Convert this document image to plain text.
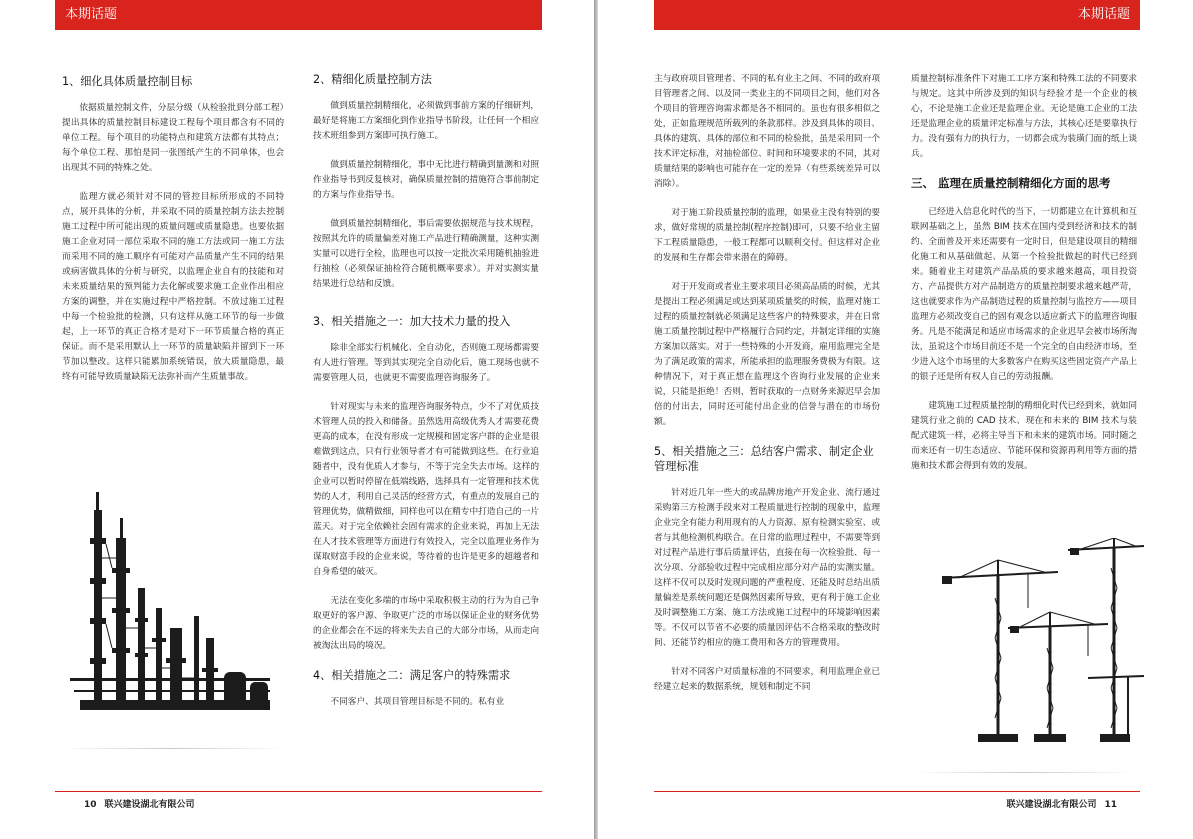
本期话题
1、细化具体质量控制目标

依据质量控制文件，分层分级（从检验批到分部工程）提出具体的质量控制目标建设工程每个项目都含有不同的单位工程。每个项目的功能特点和建筑方法都有其特点；每个单位工程、那怕是同一张图纸产生的不同单体，也会出现其不同的特殊之处。

监理方就必须针对不同的管控目标所形成的不同特点，展开具体的分析，并采取不同的质量控制方法去控制施工过程中所可能出现的质量问题或质量隐患。也要依据施工企业对同一部位采取不同的施工方法或同一施工方法而采用不同的施工顺序有可能对产品质量产生不同的结果或病害做具体的分析与研究，以监理企业自有的技能和对未来质量结果的预判能力去化解或要求施工企业作出相应方案的调整，并在实施过程中严格控制。不放过施工过程中每一个检验批的检测，只有这样从施工环节的每一步做起，上一环节的真正合格才是对下一环节质量合格的真正保证。而不是采用默认上一环节的质量缺陷并留到下一环节加以整改。这样只能累加系统错误，放大质量隐患，最终有可能导致质量缺陷无法弥补而产生质量事故。

2、精细化质量控制方法

做到质量控制精细化，必须做到事前方案的仔细研判，最好是将施工方案细化到作业指导书阶段，让任何一个相应技术班组参到方案即可执行施工。

做到质量控制精细化，事中无比进行精确到量测和对照作业指导书到反复核对，确保质量控制的措施符合事前制定的方案与作业指导书。

做到质量控制精细化，事后需要依据规范与技术规程，按照其允许的质量偏差对施工产品进行精确测量，这种实测实量可以进行全检，监理也可以按一定批次采用随机抽验进行抽检（必须保证抽检符合随机概率要求）。并对实测实量结果进行总结和反馈。

3、相关措施之一：加大技术力量的投入

除非全部实行机械化、全自动化，否则施工现场都需要有人进行管理。等到其实现完全自动化后，施工现场也就不需要管理人员，也就更不需要监理咨询服务了。

针对现实与未来的监理咨询服务特点，少不了对优质技术管理人员的投入和储备。虽然选用高级优秀人才需要花费更高的成本，在没有形成一定规模和固定客户群的企业是很难做到这点，只有行业领导者才有可能做到这些。在行业追随者中，没有优质人才参与，不等于完全失去市场。这样的企业可以暂时停留在低端线路，选择具有一定管理和技术优势的人才，利用自己灵活的经营方式，有重点的发展自己的管理优势，做精做细，同样也可以在精专中打造自己的一片蓝天。对于完全依赖社会固有需求的企业来说，再加上无法在人才技术管理等方面进行有效投入，完全以监理业务作为谋取财富手段的企业来说，等待着的也许是更多的超越者和自身希望的破灭。

无法在变化多端的市场中采取积极主动的行为为自己争取更好的客户源、争取更广泛的市场以保证企业的财务优势的企业都会在不远的将来失去自己的大部分市场，从而走向被淘汰出局的境况。

4、相关措施之二：满足客户的特殊需求

不同客户、其项目管理目标是不同的。私有业

10 联兴建设湖北有限公司
本期话题

主与政府项目管理者、不同的私有业主之间、不同的政府项目管理者之间、以及同一类业主的不同项目之间，他们对各个项目的管理咨询需求都是各不相同的。虽也有很多相似之处，正如监理规范所载列的条款那样。涉及到具体的项目、具体的建筑、具体的部位和不同的检验批，虽是采用同一个技术评定标准，对抽检部位、时间和环境要求的不同，其对质量结果的影响也可能存在一定的差异（有些系统差异可以消除）。

对于施工阶段质量控制的监理，如果业主没有特别的要求，做好常规的质量控制(程序控制)即可，只要不给业主留下工程质量隐患，一般工程都可以顺利交付。但这样对企业的发展和生存都会带来潜在的障碍。

对于开发商或者业主要求项目必须高品质的时候，尤其是提出工程必须满足或达到某项质量奖的时候，监理对施工过程的质量控制就必须满足这些客户的特殊要求，并在日常施工质量控制过程中严格履行合同约定，并制定详细的实施方案加以落实。对于一些特殊的小开发商，雇用监理完全是为了满足政策的需求，所能承担的监理服务费极为有限。这种情况下，对于真正想在监理这个咨询行业发展的企业来说，只能是拒绝！否则，暂时获取的一点财务来源迟早会加倍的付出去，同时还可能付出企业的信誉与潜在的市场份额。

5、相关措施之三：总结客户需求、制定企业管理标准

针对近几年一些大的或品牌房地产开发企业、流行通过采购第三方检测手段来对工程质量进行控制的现象中，监理企业完全有能力利用现有的人力资源、原有检测实验室、或者与其他检测机构联合。在日常的监理过程中，不需要等到对过程产品进行事后质量评估，直接在每一次检验批、每一次分项、分部验收过程中完成相应部分对产品的实测实量。这样不仅可以及时发现问题的严重程度、还能及时总结出质量偏差是系统问题还是偶然因素所导致，更有利于施工企业及时调整施工方案、施工方法或施工过程中的环境影响因素等。不仅可以节省不必要的质量因评估不合格采取的整改时间、还能节约相应的施工费用和各方的管理费用。

针对不同客户对质量标准的不同要求，利用监理企业已经建立起来的数据系统，规划和制定不同

质量控制标准条件下对施工工序方案和特殊工法的不同要求与规定。这其中所涉及到的知识与经验才是一个企业的核心，不论是施工企业还是监理企业。无论是施工企业的工法还是监理企业的质量评定标准与方法，其核心还是要靠执行力。没有强有力的执行力，一切都会成为装璜门面的纸上谈兵。

三、 监理在质量控制精细化方面的思考

已经进入信息化时代的当下，一切都建立在计算机和互联网基础之上，虽然 BIM 技术在国内受到经济和技术的制约、全面普及开来还需要有一定时日，但是建设项目的精细化施工和从基础做起、从第一个检验批做起的时代已经到来。随着业主对建筑产品品质的要求越来越高，项目投资方、产品提供方对产品制造方的质量控制要求越来越严苛，这也就要求作为产品制造过程的质量控制与监控方——项目监理方必须改变自己的固有观念以适应新式下的监理咨询服务。凡是不能满足和适应市场需求的企业迟早会被市场所淘汰，虽说这个市场目前还不是一个完全的自由经济市场，至少进入这个市场里的大多数客户在购买这些固定资产产品上的银子还是所有权人自己的劳动报酬。

建筑施工过程质量控制的精细化时代已经到来，就如同建筑行业之前的 CAD 技术、现在和未来的 BIM 技术与装配式建筑一样，必将主导当下和未来的建筑市场。同时随之而来还有一切生态适应、节能环保和资源再利用等方面的措施和技术都会得到有效的发展。

联兴建设湖北有限公司 11
